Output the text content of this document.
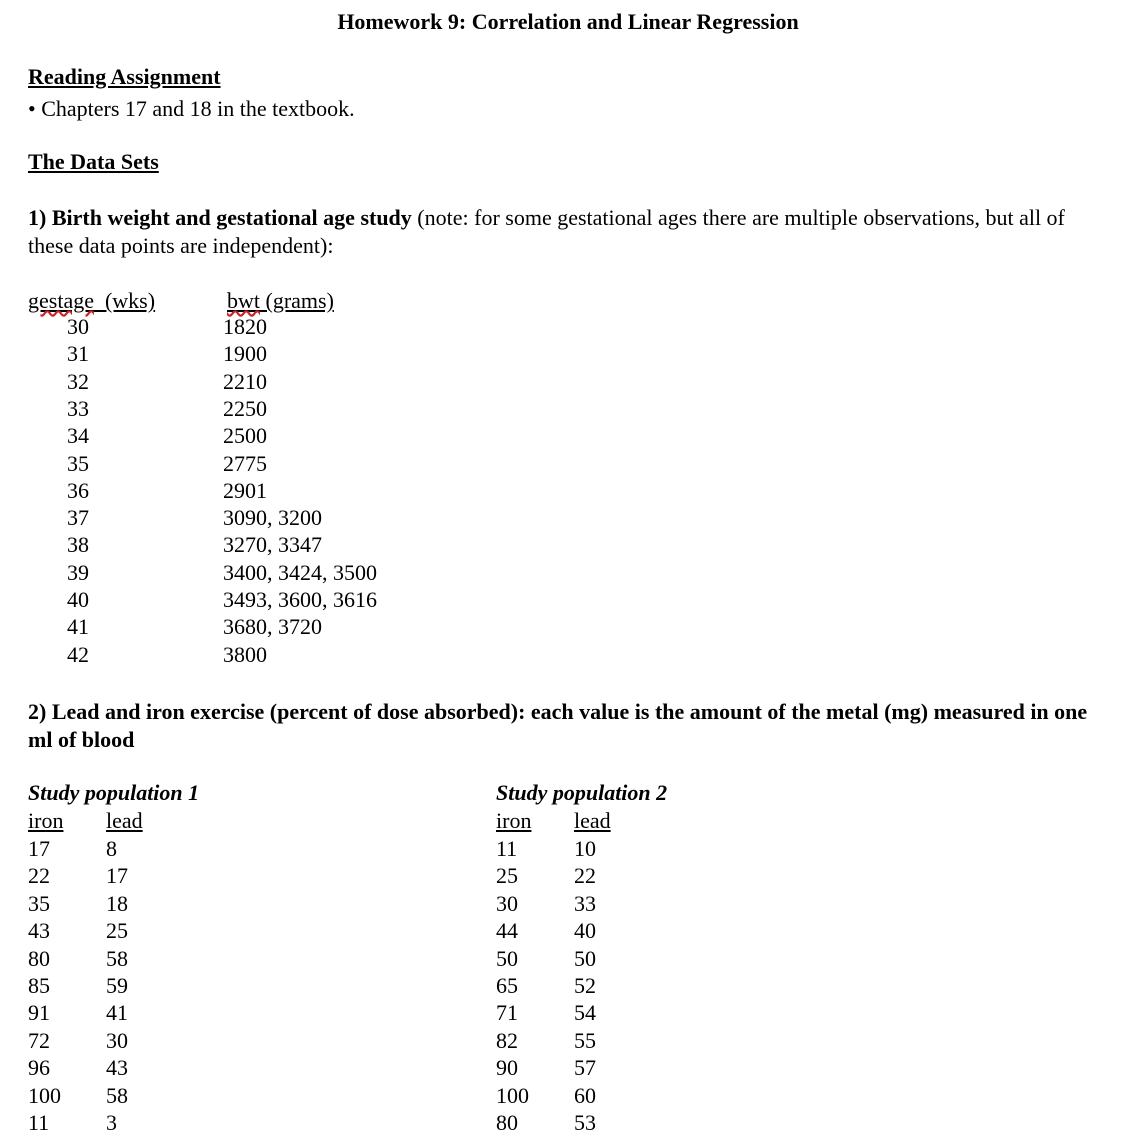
Homework 9: Correlation and Linear Regression
Reading Assignment
• Chapters 17 and 18 in the textbook.
The Data Sets
1) Birth weight and gestational age study (note: for some gestational ages there are multiple observations, but all of these data points are independent):
gestage (wks)	bwt (grams)
30	1820
31	1900
32	2210
33	2250
34	2500
35	2775
36	2901
37	3090, 3200
38	3270, 3347
39	3400, 3424, 3500
40	3493, 3600, 3616
41	3680, 3720
42	3800
2) Lead and iron exercise (percent of dose absorbed): each value is the amount of the metal (mg) measured in one ml of blood
Study population 1
iron lead
17	8
22	17
35	18
43	25
80	58
85	59
91	41
72	30
96	43
100 58
11	3
Study population 2
iron lead
11	10
25	22
30	33
44	40
50	50
65	52
71	54
82	55
90	57
100 60
80	53
